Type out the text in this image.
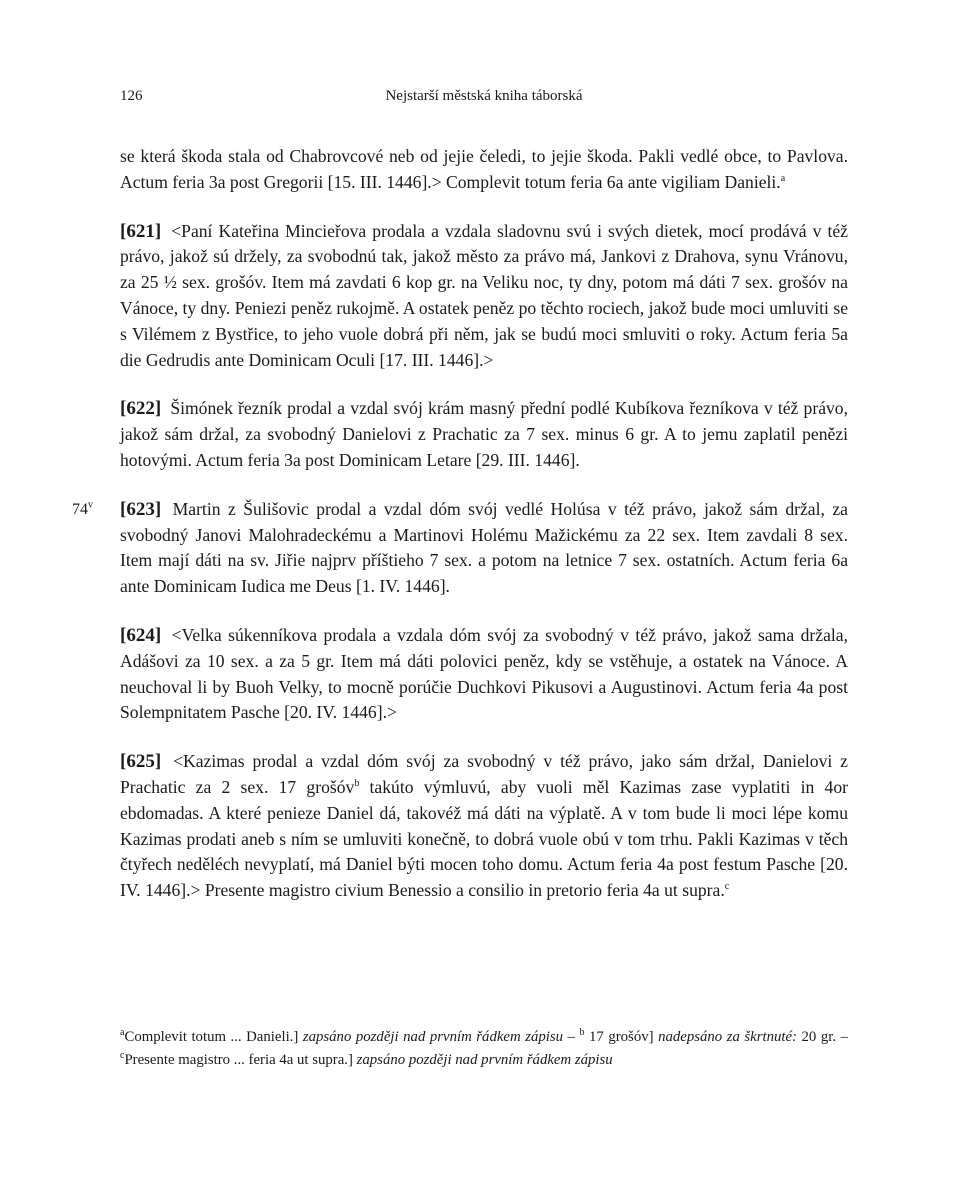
126	Nejstarší městská kniha táborská

se která škoda stala od Chabrovcové neb od jejie čeledi, to jejie škoda. Pakli vedlé obce, to Pavlova. Actum feria 3a post Gregorii [15. III. 1446].> Complevit totum feria 6a ante vigiliam Danieli.$^a$

[621] <Paní Kateřina Mincieřova prodala a vzdala sladovnu svú i svých dietek, mocí prodává v též právo, jakož sú držely, za svobodnú tak, jakož město za právo má, Jankovi z Drahova, synu Vránovu, za 25 ½ sex. grošóv. Item má zavdati 6 kop gr. na Veliku noc, ty dny, potom má dáti 7 sex. grošóv na Vánoce, ty dny. Peniezi peněz rukojmě. A ostatek peněz po těchto rociech, jakož bude moci umluviti se s Vilémem z Bystřice, to jeho vuole dobrá při něm, jak se budú moci smluviti o roky. Actum feria 5a die Gedrudis ante Dominicam Oculi [17. III. 1446].>

[622] Šimónek řezník prodal a vzdal svój krám masný přední podlé Kubíkova řezníkova v též právo, jakož sám držal, za svobodný Danielovi z Prachatic za 7 sex. minus 6 gr. A to jemu zaplatil penězi hotovými. Actum feria 3a post Dominicam Letare [29. III. 1446].

74$^v$ [623] Martin z Šulišovic prodal a vzdal dóm svój vedlé Holúsa v též právo, jakož sám držal, za svobodný Janovi Malohradeckému a Martinovi Holému Mažickému za 22 sex. Item zavdali 8 sex. Item mají dáti na sv. Jiřie najprv příštieho 7 sex. a potom na letnice 7 sex. ostatních. Actum feria 6a ante Dominicam Iudica me Deus [1. IV. 1446].

[624] <Velka súkenníkova prodala a vzdala dóm svój za svobodný v též právo, jakož sama držala, Adášovi za 10 sex. a za 5 gr. Item má dáti polovici peněz, kdy se vstěhuje, a ostatek na Vánoce. A neuchoval li by Buoh Velky, to mocně porúčie Duchkovi Pikusovi a Augustinovi. Actum feria 4a post Solempnitatem Pasche [20. IV. 1446].>

[625] <Kazimas prodal a vzdal dóm svój za svobodný v též právo, jako sám držal, Danielovi z Prachatic za 2 sex. 17 grošóv$^b$ takúto výmluvú, aby vuoli měl Kazimas zase vyplatiti in 4or ebdomadas. A které penieze Daniel dá, takovéž má dáti na výplatě. A v tom bude li moci lépe komu Kazimas prodati aneb s ním se umluviti konečně, to dobrá vuole obú v tom trhu. Pakli Kazimas v těch čtyřech neděléch nevyplatí, má Daniel býti mocen toho domu. Actum feria 4a post festum Pasche [20. IV. 1446].> Presente magistro civium Benessio a consilio in pretorio feria 4a ut supra.$^c$

$^a$Complevit totum ... Danieli.] zapsáno později nad prvním řádkem zápisu – $^b$ 17 grošóv] nadepsáno za škrtnuté: 20 gr. – $^c$Presente magistro ... feria 4a ut supra.] zapsáno později nad prvním řádkem zápisu
